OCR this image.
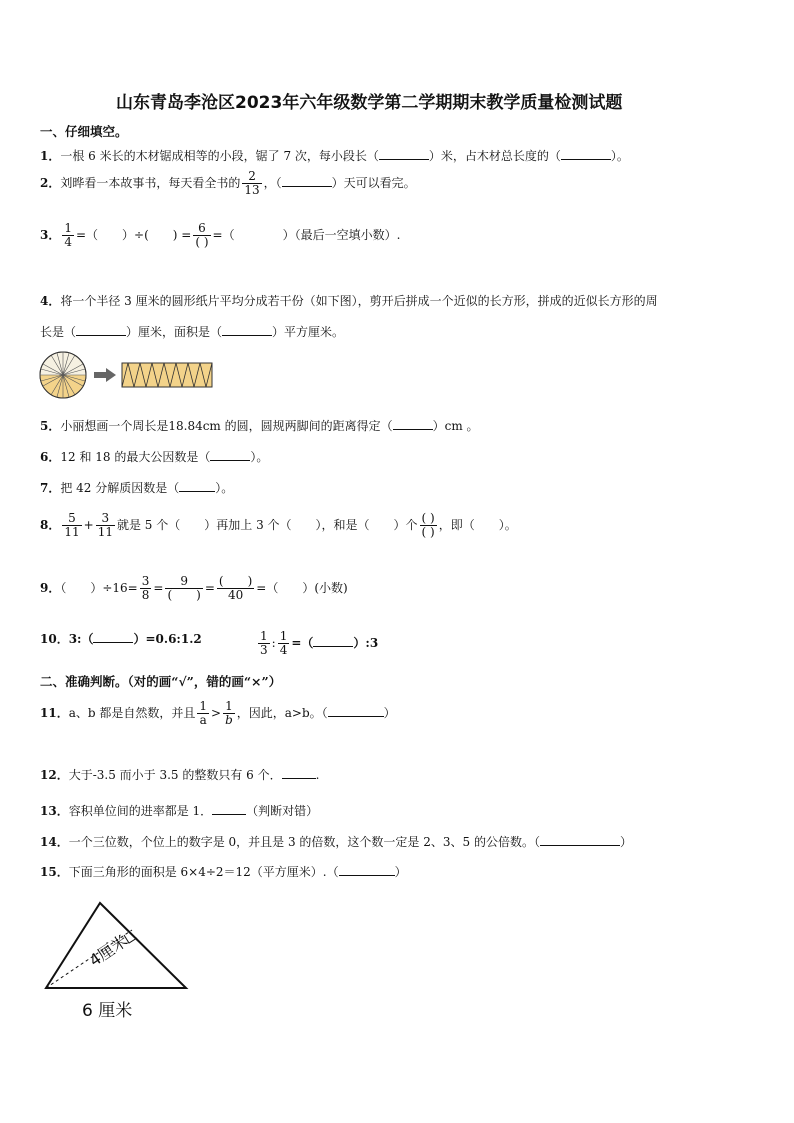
山东青岛李沧区2023年六年级数学第二学期期末教学质量检测试题
一、仔细填空。
1．一根 6 米长的木材锯成相等的小段，锯了 7 次，每小段长（	）米，占木材总长度的（	）。
2．刘晔看一本故事书，每天看全书的 $\frac{2}{13}$ ，（	）天可以看完。
3． $\frac{1}{4}$ =（　　）÷(　　) = $\frac{6}{( )}$ =（　　　　）（最后一空填小数）.
4．将一个半径 3 厘米的圆形纸片平均分成若干份（如下图），剪开后拼成一个近似的长方形，拼成的近似长方形的周
长是（	）厘米，面积是（	）平方厘米。
5．小丽想画一个周长是18.84cm 的圆，圆规两脚间的距离得定（	）cm 。
6．12 和 18 的最大公因数是（	）。
7．把 42 分解质因数是（	）。
8． $\frac{5}{11} + \frac{3}{11}$ 就是 5 个（　　）再加上 3 个（　　），和是（　　）个 $\frac{( )}{( )}$ ，即（　　）。
9．（　　）$\div 16= \frac{3}{8} = \frac{9}{( )} = \frac{( )}{40}$ =（　　）(小数)
10．3:（	）=0.6:1.2	$\frac{1}{3}$ : $\frac{1}{4}$ =（	）:3
二、准确判断。（对的画“√”，错的画“×”）
11．a、b 都是自然数，并且 $\frac{1}{a} > \frac{1}{b}$ ，因此，a>b。（	）
12．大于-3.5 而小于 3.5 的整数只有 6 个．	.
13．容积单位间的进率都是 1．	（判断对错）
14．一个三位数，个位上的数字是 0，并且是 3 的倍数，这个数一定是 2、3、5 的公倍数。（	）
15．下面三角形的面积是 6×4÷2＝12（平方厘米）.（	）
4厘米
6 厘米
